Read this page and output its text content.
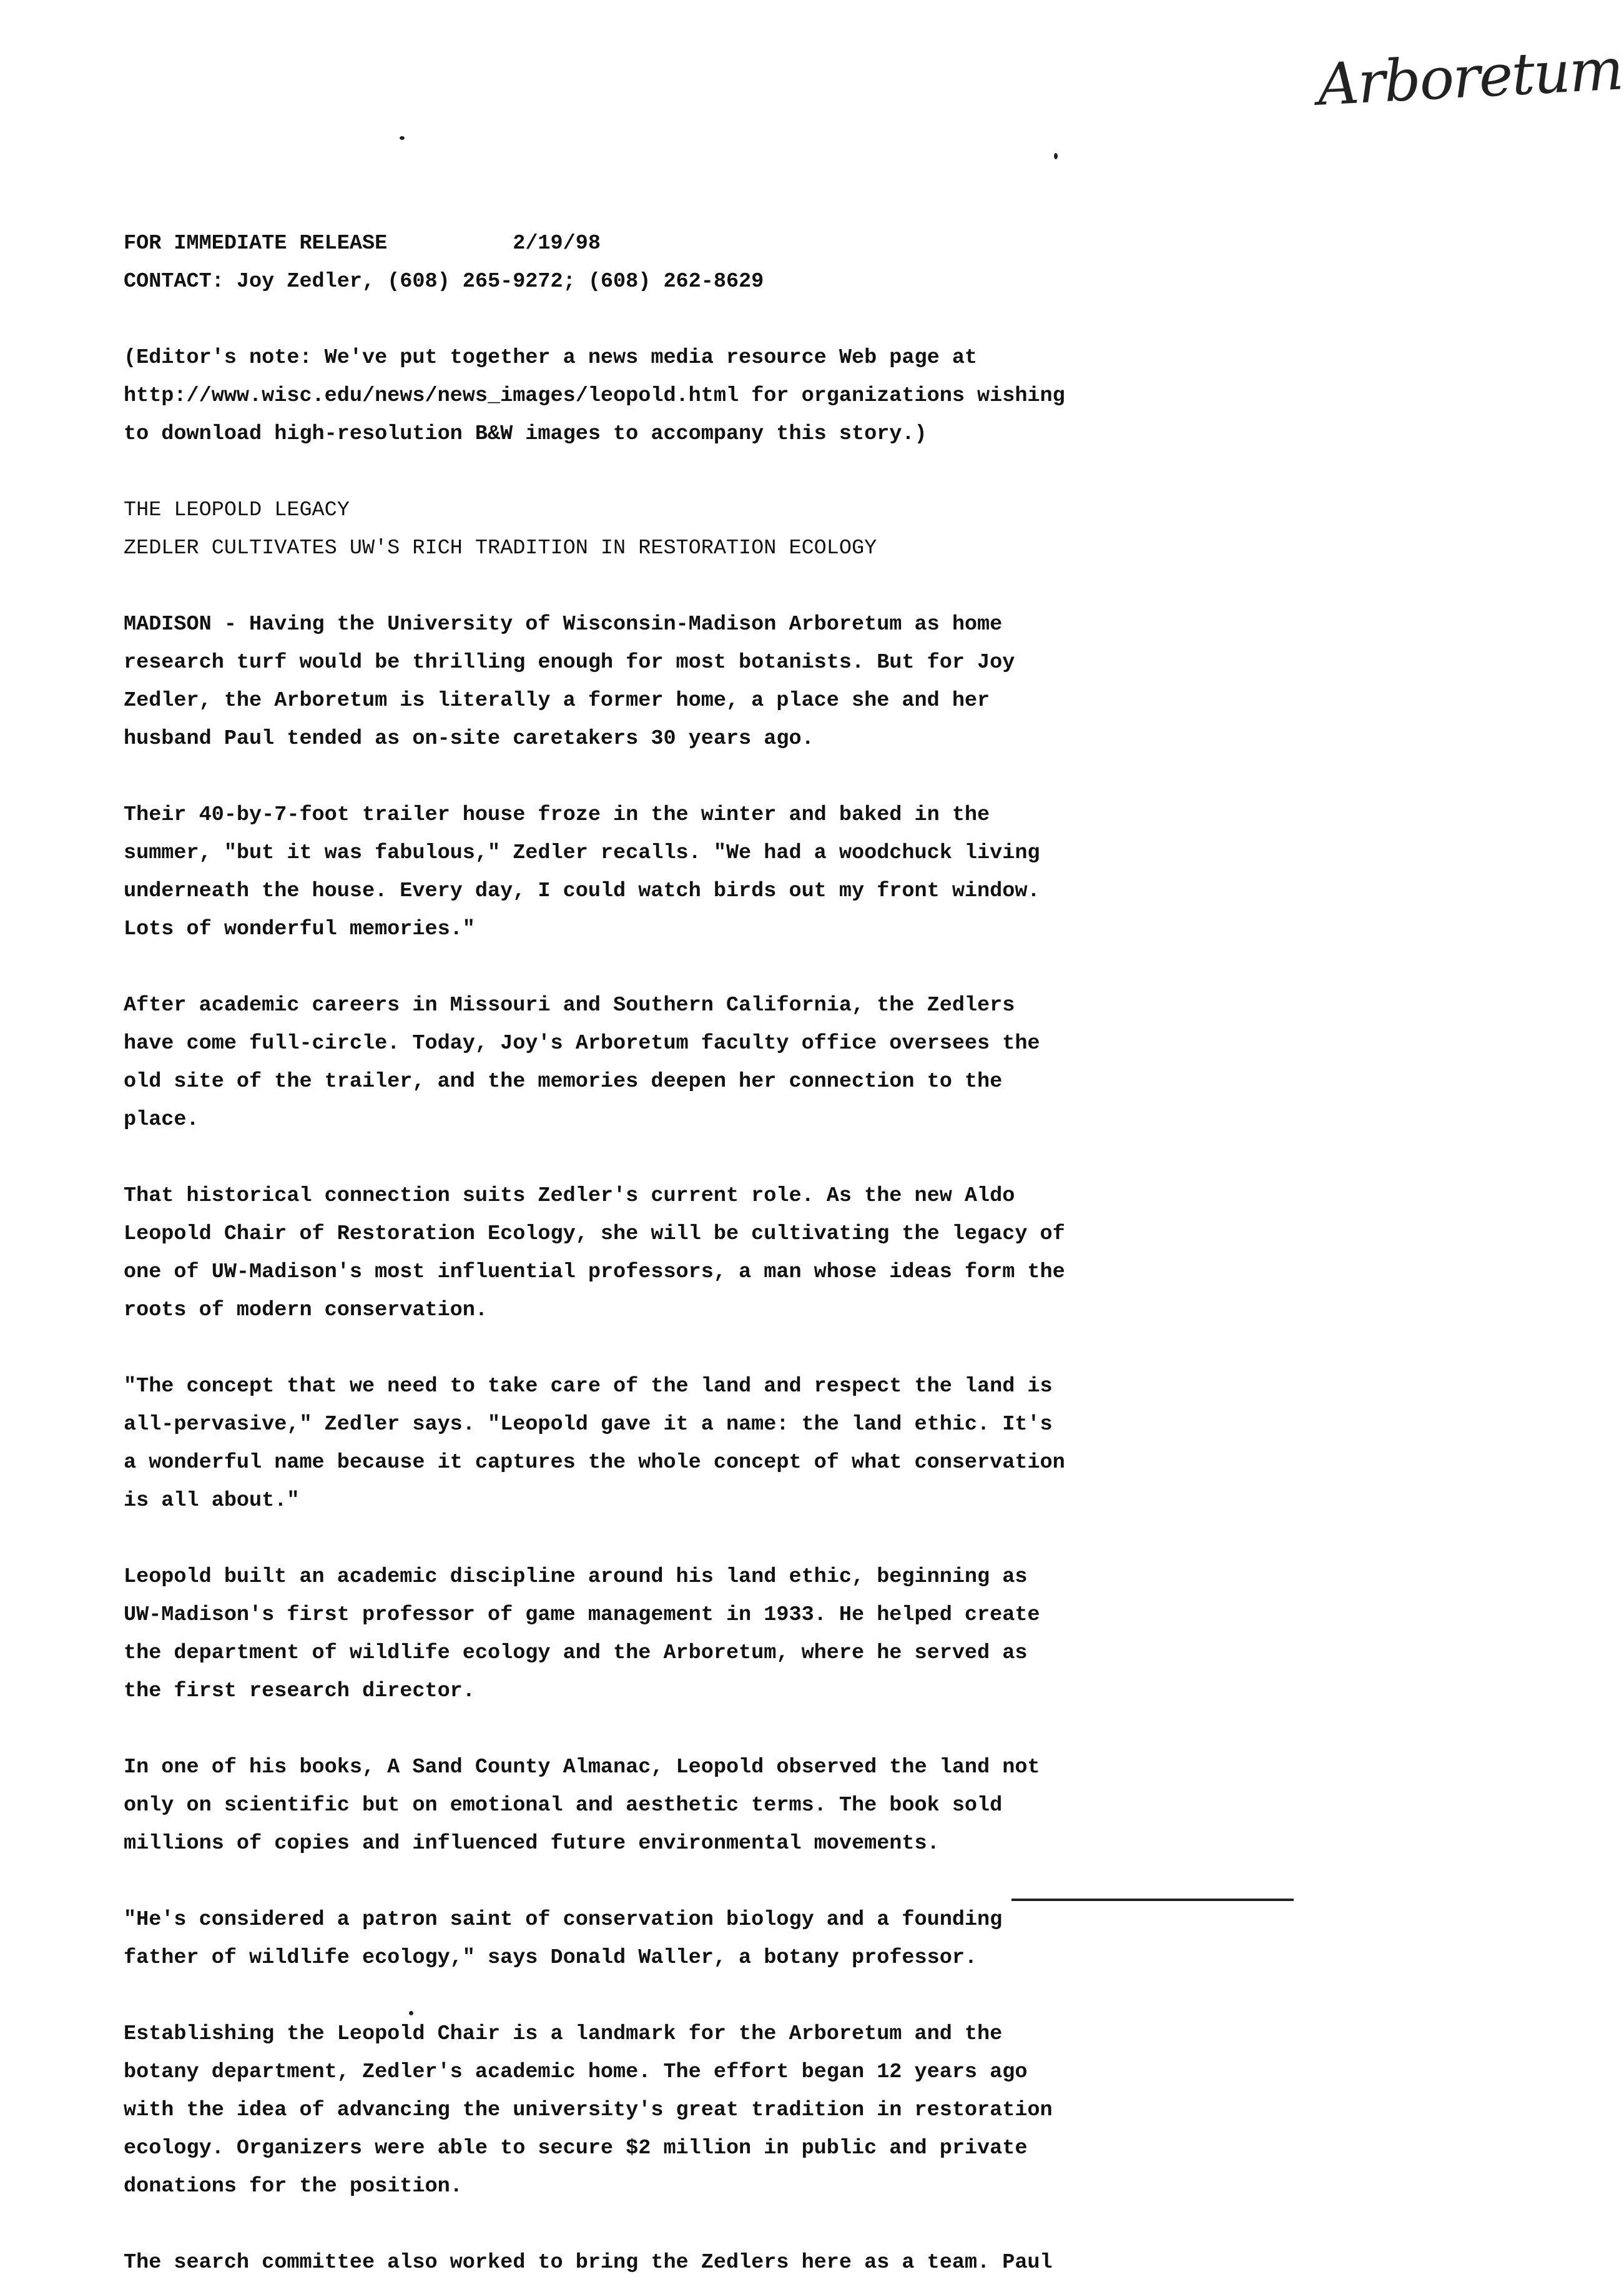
Arboretum
FOR IMMEDIATE RELEASE	2/19/98
CONTACT: Joy Zedler, (608) 265-9272; (608) 262-8629
(Editor's note: We've put together a news media resource Web page at
http://www.wisc.edu/news/news_images/leopold.html for organizations wishing
to download high-resolution B&W images to accompany this story.)
THE LEOPOLD LEGACY
ZEDLER CULTIVATES UW'S RICH TRADITION IN RESTORATION ECOLOGY
MADISON - Having the University of Wisconsin-Madison Arboretum as home
research turf would be thrilling enough for most botanists. But for Joy
Zedler, the Arboretum is literally a former home, a place she and her
husband Paul tended as on-site caretakers 30 years ago.
Their 40-by-7-foot trailer house froze in the winter and baked in the
summer, "but it was fabulous," Zedler recalls. "We had a woodchuck living
underneath the house. Every day, I could watch birds out my front window.
Lots of wonderful memories."
After academic careers in Missouri and Southern California, the Zedlers
have come full-circle. Today, Joy's Arboretum faculty office oversees the
old site of the trailer, and the memories deepen her connection to the
place.
That historical connection suits Zedler's current role. As the new Aldo
Leopold Chair of Restoration Ecology, she will be cultivating the legacy of
one of UW-Madison's most influential professors, a man whose ideas form the
roots of modern conservation.
"The concept that we need to take care of the land and respect the land is
all-pervasive," Zedler says. "Leopold gave it a name: the land ethic. It's
a wonderful name because it captures the whole concept of what conservation
is all about."
Leopold built an academic discipline around his land ethic, beginning as
UW-Madison's first professor of game management in 1933. He helped create
the department of wildlife ecology and the Arboretum, where he served as
the first research director.
In one of his books, A Sand County Almanac, Leopold observed the land not
only on scientific but on emotional and aesthetic terms. The book sold
millions of copies and influenced future environmental movements.
"He's considered a patron saint of conservation biology and a founding
father of wildlife ecology," says Donald Waller, a botany professor.
Establishing the Leopold Chair is a landmark for the Arboretum and the
botany department, Zedler's academic home. The effort began 12 years ago
with the idea of advancing the university's great tradition in restoration
ecology. Organizers were able to secure $2 million in public and private
donations for the position.
The search committee also worked to bring the Zedlers here as a team. Paul
